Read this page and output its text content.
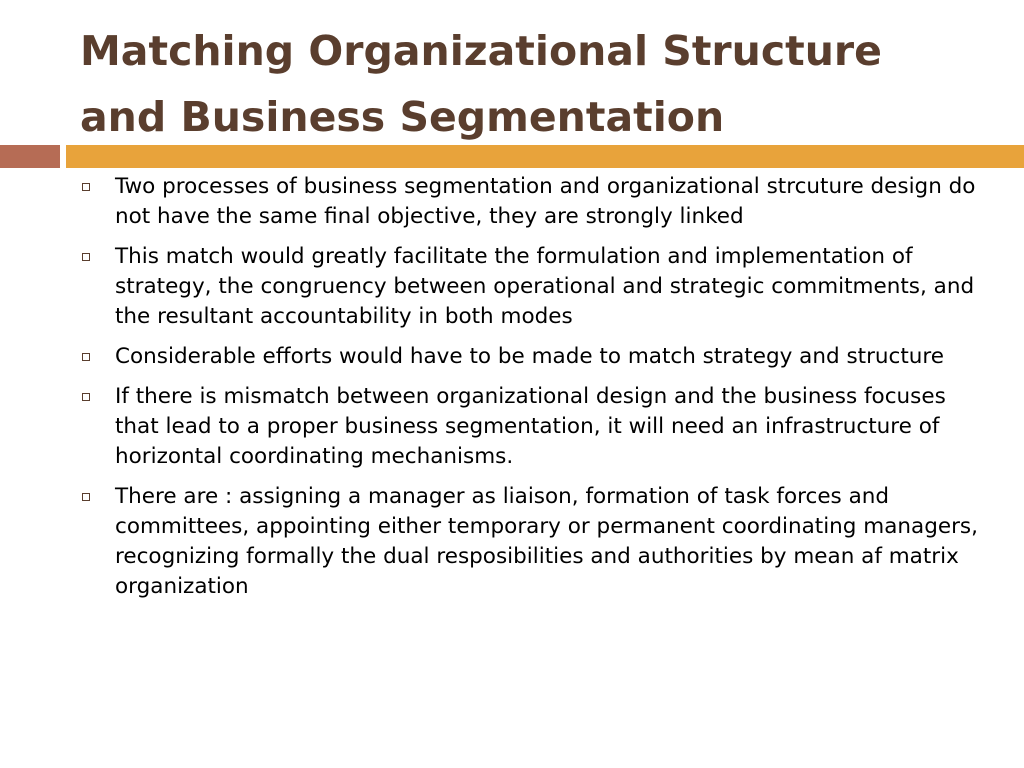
Matching Organizational Structure
and Business Segmentation
Two processes of business segmentation and organizational strcuture design do not have the same final objective, they are strongly linked
This match would greatly facilitate the formulation and implementation of strategy, the congruency between operational and strategic commitments, and the resultant accountability in both modes
Considerable efforts would have to be made to match strategy and structure
If there is mismatch between organizational design and the business focuses that lead to a proper business segmentation, it will need an infrastructure of horizontal coordinating mechanisms.
There are : assigning a manager as liaison, formation of task forces and committees, appointing either temporary or permanent coordinating managers, recognizing formally the dual resposibilities and authorities by mean af matrix organization
